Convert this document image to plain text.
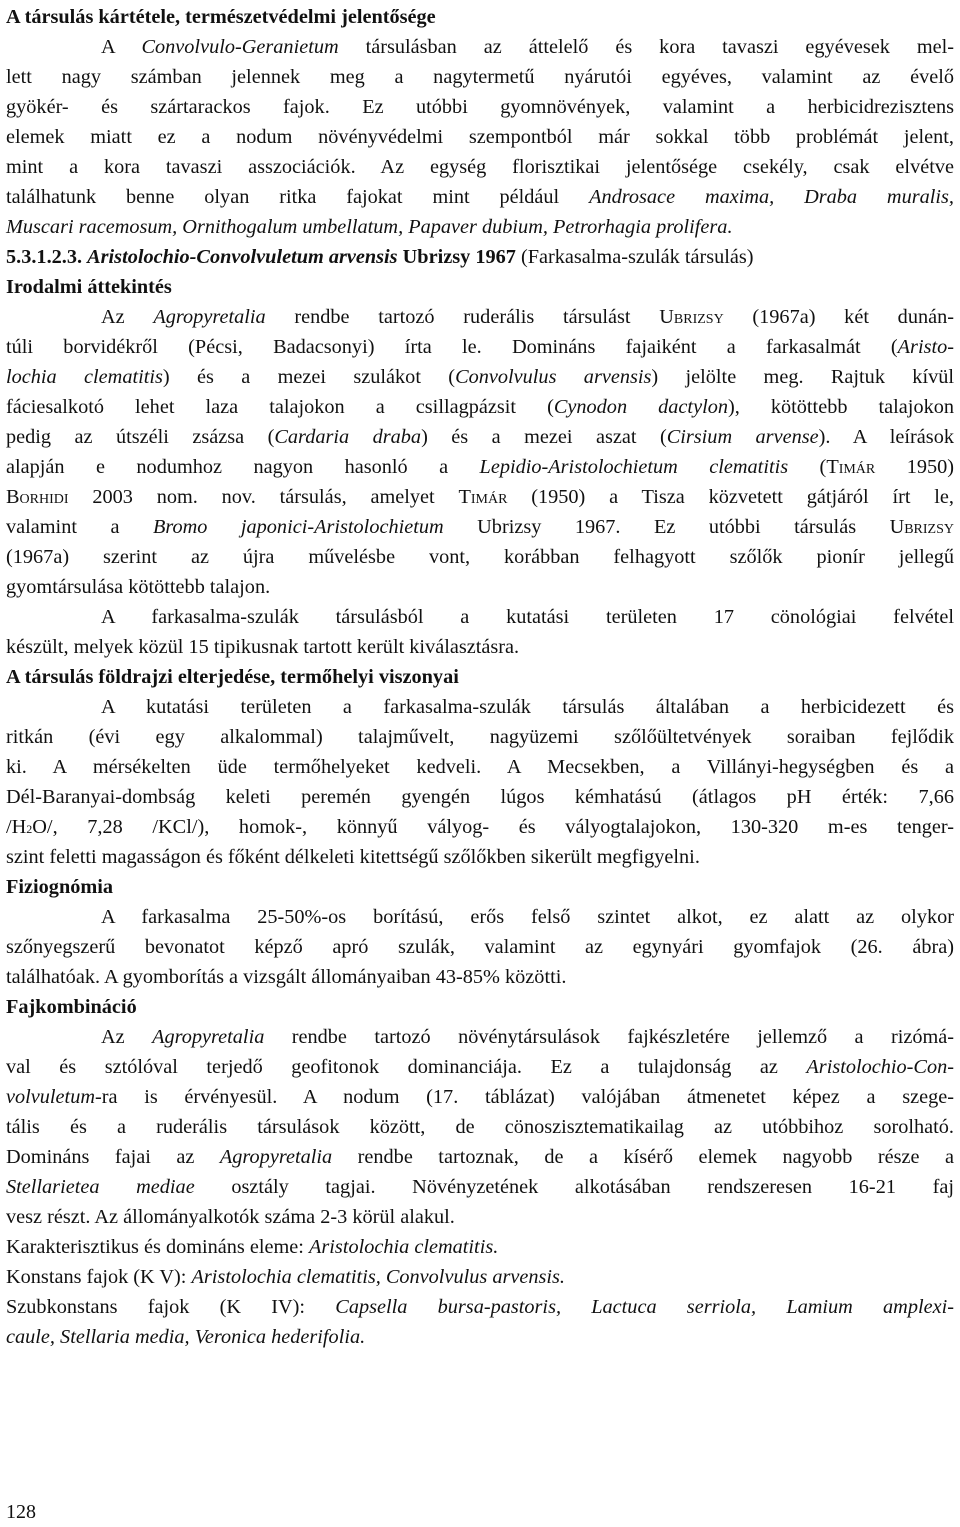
A társulás kártétele, természetvédelmi jelentősége
A Convolvulo-Geranietum társulásban az áttelelő és kora tavaszi egyévesek mel-
lett nagy számban jelennek meg a nagytermetű nyárutói egyéves, valamint az évelő
gyökér- és szártarackos fajok. Ez utóbbi gyomnövények, valamint a herbicidrezisztens
elemek miatt ez a nodum növényvédelmi szempontból már sokkal több problémát jelent,
mint a kora tavaszi asszociációk. Az egység florisztikai jelentősége csekély, csak elvétve
találhatunk benne olyan ritka fajokat mint például Androsace maxima, Draba muralis,
Muscari racemosum, Ornithogalum umbellatum, Papaver dubium, Petrorhagia prolifera.
5.3.1.2.3. Aristolochio-Convolvuletum arvensis Ubrizsy 1967 (Farkasalma-szulák társulás)
Irodalmi áttekintés
Az Agropyretalia rendbe tartozó ruderális társulást Ubrizsy (1967a) két dunán-
túli borvidékről (Pécsi, Badacsonyi) írta le. Domináns fajaiként a farkasalmát (Aristo-
lochia clematitis) és a mezei szulákot (Convolvulus arvensis) jelölte meg. Rajtuk kívül
fáciesalkotó lehet laza talajokon a csillagpázsit (Cynodon dactylon), kötöttebb talajokon
pedig az útszéli zsázsa (Cardaria draba) és a mezei aszat (Cirsium arvense). A leírások
alapján e nodumhoz nagyon hasonló a Lepidio-Aristolochietum clematitis (Timár 1950)
Borhidi 2003 nom. nov. társulás, amelyet Timár (1950) a Tisza közvetett gátjáról írt le,
valamint a Bromo japonici-Aristolochietum Ubrizsy 1967. Ez utóbbi társulás Ubrizsy
(1967a) szerint az újra művelésbe vont, korábban felhagyott szőlők pionír jellegű
gyomtársulása kötöttebb talajon.
A farkasalma-szulák társulásból a kutatási területen 17 cönológiai felvétel
készült, melyek közül 15 tipikusnak tartott került kiválasztásra.
A társulás földrajzi elterjedése, termőhelyi viszonyai
A kutatási területen a farkasalma-szulák társulás általában a herbicidezett és
ritkán (évi egy alkalommal) talajművelt, nagyüzemi szőlőültetvények soraiban fejlődik
ki. A mérsékelten üde termőhelyeket kedveli. A Mecsekben, a Villányi-hegységben és a
Dél-Baranyai-dombság keleti peremén gyengén lúgos kémhatású (átlagos pH érték: 7,66
/H2O/, 7,28 /KCl/), homok-, könnyű vályog- és vályogtalajokon, 130-320 m-es tenger-
szint feletti magasságon és főként délkeleti kitettségű szőlőkben sikerült megfigyelni.
Fiziognómia
A farkasalma 25-50%-os borítású, erős felső szintet alkot, ez alatt az olykor
szőnyegszerű bevonatot képző apró szulák, valamint az egynyári gyomfajok (26. ábra)
találhatóak. A gyomborítás a vizsgált állományaiban 43-85% közötti.
Fajkombináció
Az Agropyretalia rendbe tartozó növénytársulások fajkészletére jellemző a rizómá-
val és sztólóval terjedő geofitonok dominanciája. Ez a tulajdonság az Aristolochio-Con-
volvuletum-ra is érvényesül. A nodum (17. táblázat) valójában átmenetet képez a szege-
tális és a ruderális társulások között, de cönoszisztematikailag az utóbbihoz sorolható.
Domináns fajai az Agropyretalia rendbe tartoznak, de a kísérő elemek nagyobb része a
Stellarietea mediae osztály tagjai. Növényzetének alkotásában rendszeresen 16-21 faj
vesz részt. Az állományalkotók száma 2-3 körül alakul.
Karakterisztikus és domináns eleme: Aristolochia clematitis.
Konstans fajok (K V): Aristolochia clematitis, Convolvulus arvensis.
Szubkonstans fajok (K IV): Capsella bursa-pastoris, Lactuca serriola, Lamium amplexi-
caule, Stellaria media, Veronica hederifolia.
128
